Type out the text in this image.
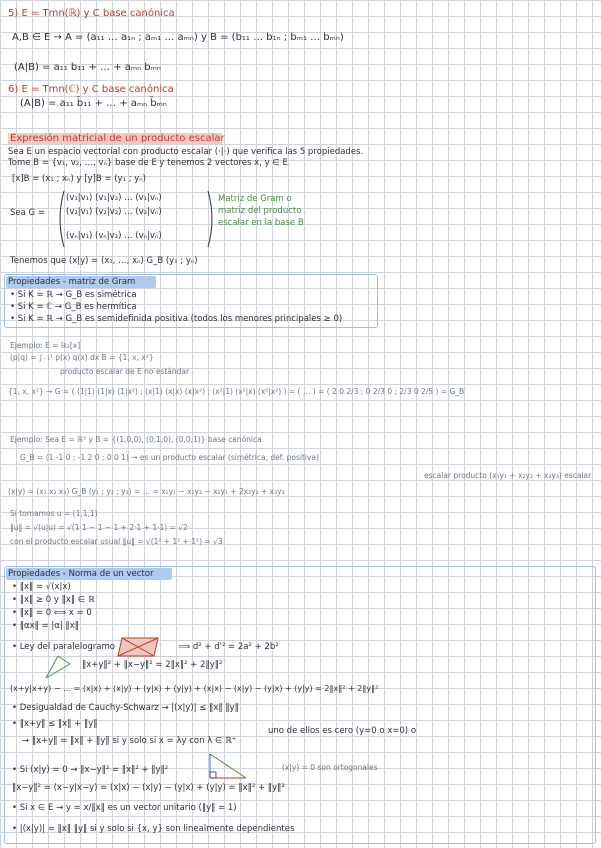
5) E = Tmn(ℝ) y C base canónica
A,B ∈ E → A = (a₁₁ … a₁ₙ ; aₘ₁ … aₘₙ) y B = (b₁₁ … b₁ₙ ; bₘ₁ … bₘₙ)
(A|B) = a₁₁ b₁₁ + … + aₘₙ bₘₙ
6) E = Tmn(ℂ) y C base canónica
(A|B) = a₁₁ b̄₁₁ + … + aₘₙ b̄ₘₙ
Expresión matricial de un producto escalar
Sea E un espacio vectorial con producto escalar (·|·) que verifica las 5 propiedades.
Tome B = {v₁, v₂, …, vₙ} base de E y tenemos 2 vectores x, y ∈ E
[x]B = (x₁ ; xₙ) y [y]B = (y₁ ; yₙ)
Sea G =
(v₁|v₁) (v₁|v₂) … (v₁|vₙ)
(v₂|v₁) (v₂|v₂) … (v₂|vₙ)
(vₙ|v₁) (vₙ|v₂) … (vₙ|vₙ)
Matriz de Gram o
matriz del producto
escalar en la base B
Tenemos que (x|y) = (x₁, …, xₙ) G_B (y₁ ; yₙ)
Propiedades - matriz de Gram
• Si K = ℝ → G_B es simétrica
• Si K = ℂ → G_B es hermítica
• Si K = ℝ → G_B es semidefinida positiva (todos los menores principales ≥ 0)
Ejemplo: E = ℝ₂[x]
(p|q) = ∫₋₁¹ p(x) q(x) dx B = {1, x, x²}
producto escalar de E no estándar
{1, x, x²} → G = ( (1|1) (1|x) (1|x²) ; (x|1) (x|x) (x|x²) ; (x²|1) (x²|x) (x²|x²) ) = ( … ) = ( 2 0 2/3 ; 0 2/3 0 ; 2/3 0 2/5 ) = G_B
Ejemplo: Sea E = ℝ³ y B = {(1,0,0), (0,1,0), (0,0,1)} base canónica
G_B = (1 -1 0 ; -1 2 0 ; 0 0 1) → es un producto escalar (simétrica, def. positiva)
(x|y) = (x₁ x₂ x₃) G_B (y₁ ; y₂ ; y₃) = … = x₁y₁ − x₁y₂ − x₂y₁ + 2x₂y₂ + x₃y₃
escalar producto (x₁y₁ + x₂y₂ + x₃y₃) escalar
Si tomamos u = (1,1,1)
‖u‖ = √(u|u) = √(1·1 − 1 − 1 + 2·1 + 1·1) = √2
con el producto escalar usual ‖u‖ = √(1² + 1² + 1²) = √3
Propiedades - Norma de un vector
• ‖x‖ = √(x|x)
• ‖x‖ ≥ 0 y ‖x‖ ∈ ℝ
• ‖x‖ = 0 ⟺ x = 0
• ‖αx‖ = |α| ‖x‖
• Ley del paralelogramo	⟹ d² + d'² = 2a² + 2b²
‖x+y‖² + ‖x−y‖² = 2‖x‖² + 2‖y‖²
(x+y|x+y) − … = (x|x) + (x|y) + (y|x) + (y|y) + (x|x) − (x|y) − (y|x) + (y|y) = 2‖x‖² + 2‖y‖²
• Desigualdad de Cauchy-Schwarz → |(x|y)| ≤ ‖x‖ ‖y‖
• ‖x+y‖ ≤ ‖x‖ + ‖y‖
→ ‖x+y‖ = ‖x‖ + ‖y‖ si y solo si x = λy con λ ∈ ℝ⁺
uno de ellos es cero (y=0 o x=0) o
• Si (x|y) = 0 → ‖x−y‖² = ‖x‖² + ‖y‖²	(x|y) = 0 son ortogonales
‖x−y‖² = (x−y|x−y) = (x|x) − (x|y) − (y|x) + (y|y) = ‖x‖² + ‖y‖²
• Si x ∈ E → y = x/‖x‖ es un vector unitario (‖y‖ = 1)
• |(x|y)| = ‖x‖ ‖y‖ si y solo si {x, y} son linealmente dependientes
